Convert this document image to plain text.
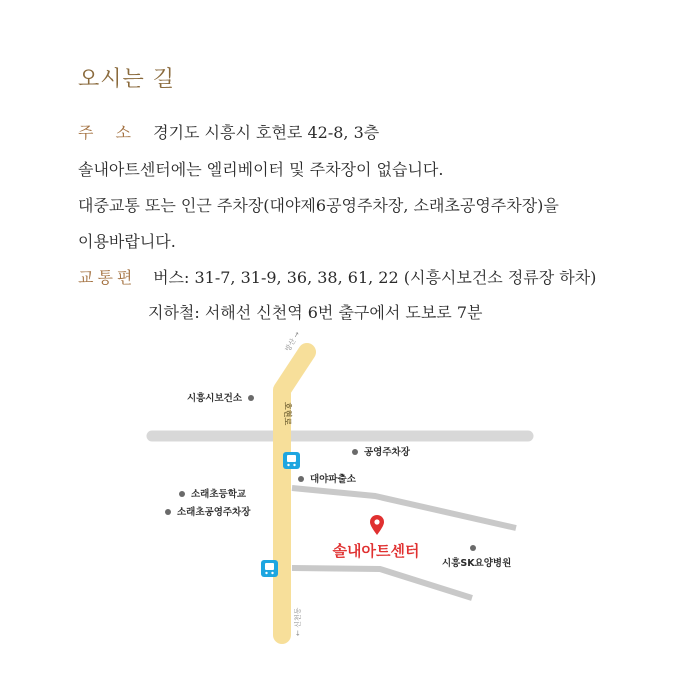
오시는 길
주소 경기도 시흥시 호현로 42-8, 3층
솔내아트센터에는 엘리베이터 및 주차장이 없습니다.
대중교통 또는 인근 주차장(대야제6공영주차장, 소래초공영주차장)을
이용바랍니다.
교통편 버스: 31-7, 31-9, 36, 38, 61, 22 (시흥시보건소 정류장 하차)
지하철: 서해선 신천역 6번 출구에서 도보로 7분
호현로
방산 →
← 신천동
시흥시보건소
공영주차장
대야파출소
소래초등학교
소래초공영주차장
시흥SK요양병원
솔내아트센터
